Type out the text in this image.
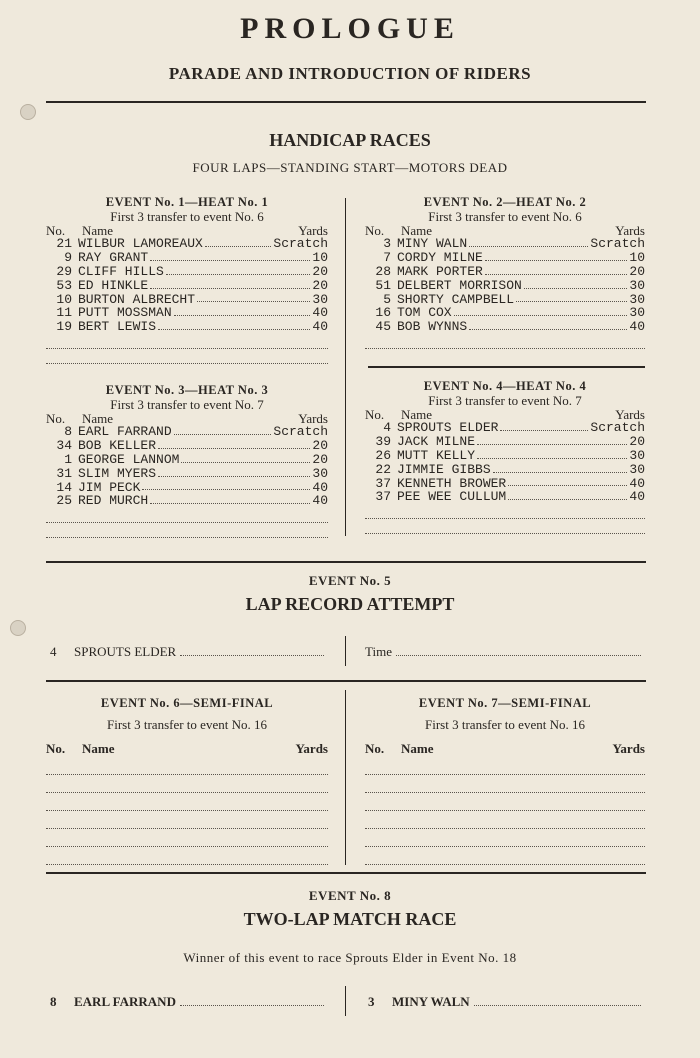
PROLOGUE
PARADE AND INTRODUCTION OF RIDERS
HANDICAP RACES
FOUR LAPS—STANDING START—MOTORS DEAD
EVENT No. 1—HEAT No. 1
First 3 transfer to event No. 6
No.	Name	Yards
21 WILBUR LAMOREAUX	Scratch
9 RAY GRANT	10
29 CLIFF HILLS	20
53 ED HINKLE	20
10 BURTON ALBRECHT	30
11 PUTT MOSSMAN	40
19 BERT LEWIS	40
EVENT No. 2—HEAT No. 2
First 3 transfer to event No. 6
No.	Name	Yards
3 MINY WALN	Scratch
7 CORDY MILNE	10
28 MARK PORTER	20
51 DELBERT MORRISON	30
5 SHORTY CAMPBELL	30
16 TOM COX	30
45 BOB WYNNS	40
EVENT No. 3—HEAT No. 3
First 3 transfer to event No. 7
No.	Name	Yards
8 EARL FARRAND	Scratch
34 BOB KELLER	20
1 GEORGE LANNOM	20
31 SLIM MYERS	30
14 JIM PECK	40
25 RED MURCH	40
EVENT No. 4—HEAT No. 4
First 3 transfer to event No. 7
No.	Name	Yards
4 SPROUTS ELDER	Scratch
39 JACK MILNE	20
26 MUTT KELLY	30
22 JIMMIE GIBBS	30
37 KENNETH BROWER	40
37 PEE WEE CULLUM	40
EVENT No. 5
LAP RECORD ATTEMPT
4	SPROUTS ELDER	Time
EVENT No. 6—SEMI-FINAL
First 3 transfer to event No. 16
No.	Name	Yards
EVENT No. 7—SEMI-FINAL
First 3 transfer to event No. 16
No.	Name	Yards
EVENT No. 8
TWO-LAP MATCH RACE
Winner of this event to race Sprouts Elder in Event No. 18
8	EARL FARRAND	3	MINY WALN
